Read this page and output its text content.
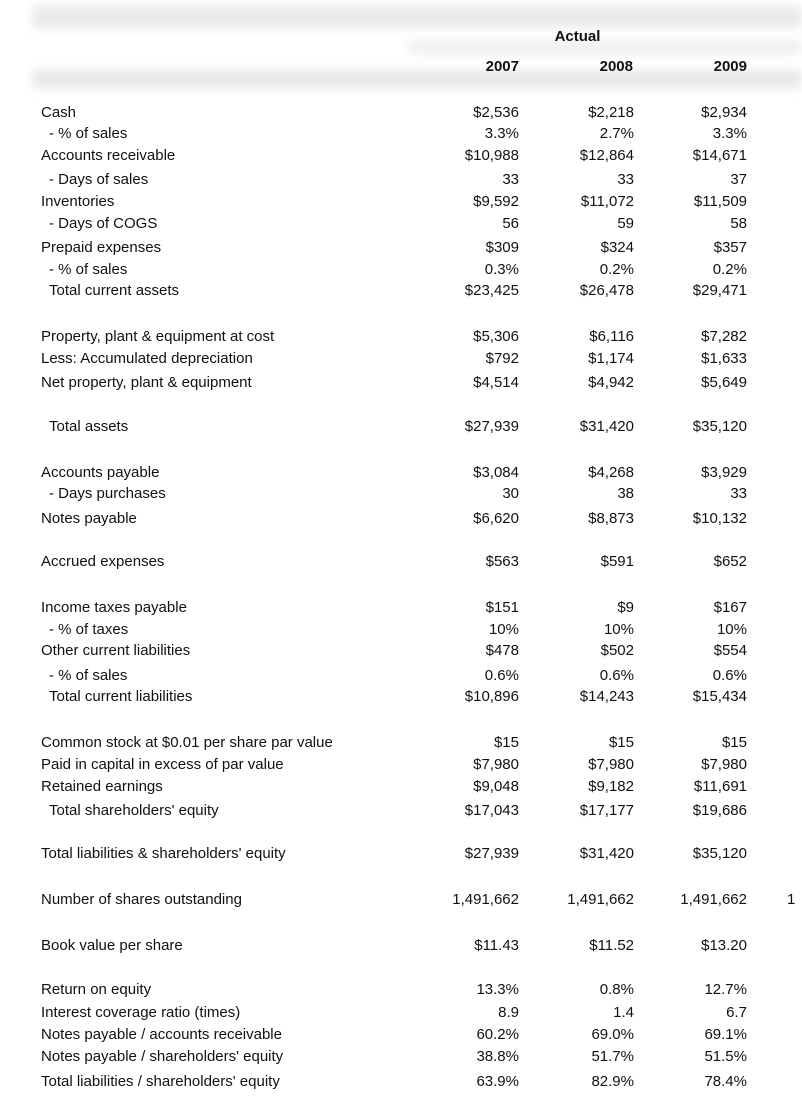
Actual
2007	2008	2009
Cash	$2,536	$2,218	$2,934
- % of sales	3.3%	2.7%	3.3%
Accounts receivable	$10,988	$12,864	$14,671
- Days of sales	33	33	37
Inventories	$9,592	$11,072	$11,509
- Days of COGS	56	59	58
Prepaid expenses	$309	$324	$357
- % of sales	0.3%	0.2%	0.2%
Total current assets	$23,425	$26,478	$29,471
Property, plant & equipment at cost	$5,306	$6,116	$7,282
Less: Accumulated depreciation	$792	$1,174	$1,633
Net property, plant & equipment	$4,514	$4,942	$5,649
Total assets	$27,939	$31,420	$35,120
Accounts payable	$3,084	$4,268	$3,929
- Days purchases	30	38	33
Notes payable	$6,620	$8,873	$10,132
Accrued expenses	$563	$591	$652
Income taxes payable	$151	$9	$167
- % of taxes	10%	10%	10%
Other current liabilities	$478	$502	$554
- % of sales	0.6%	0.6%	0.6%
Total current liabilities	$10,896	$14,243	$15,434
Common stock at $0.01 per share par value	$15	$15	$15
Paid in capital in excess of par value	$7,980	$7,980	$7,980
Retained earnings	$9,048	$9,182	$11,691
Total shareholders' equity	$17,043	$17,177	$19,686
Total liabilities & shareholders' equity	$27,939	$31,420	$35,120
Number of shares outstanding	1,491,662	1,491,662	1,491,662
Book value per share	$11.43	$11.52	$13.20
Return on equity	13.3%	0.8%	12.7%
Interest coverage ratio (times)	8.9	1.4	6.7
Notes payable / accounts receivable	60.2%	69.0%	69.1%
Notes payable / shareholders' equity	38.8%	51.7%	51.5%
Total liabilities / shareholders' equity	63.9%	82.9%	78.4%
1
